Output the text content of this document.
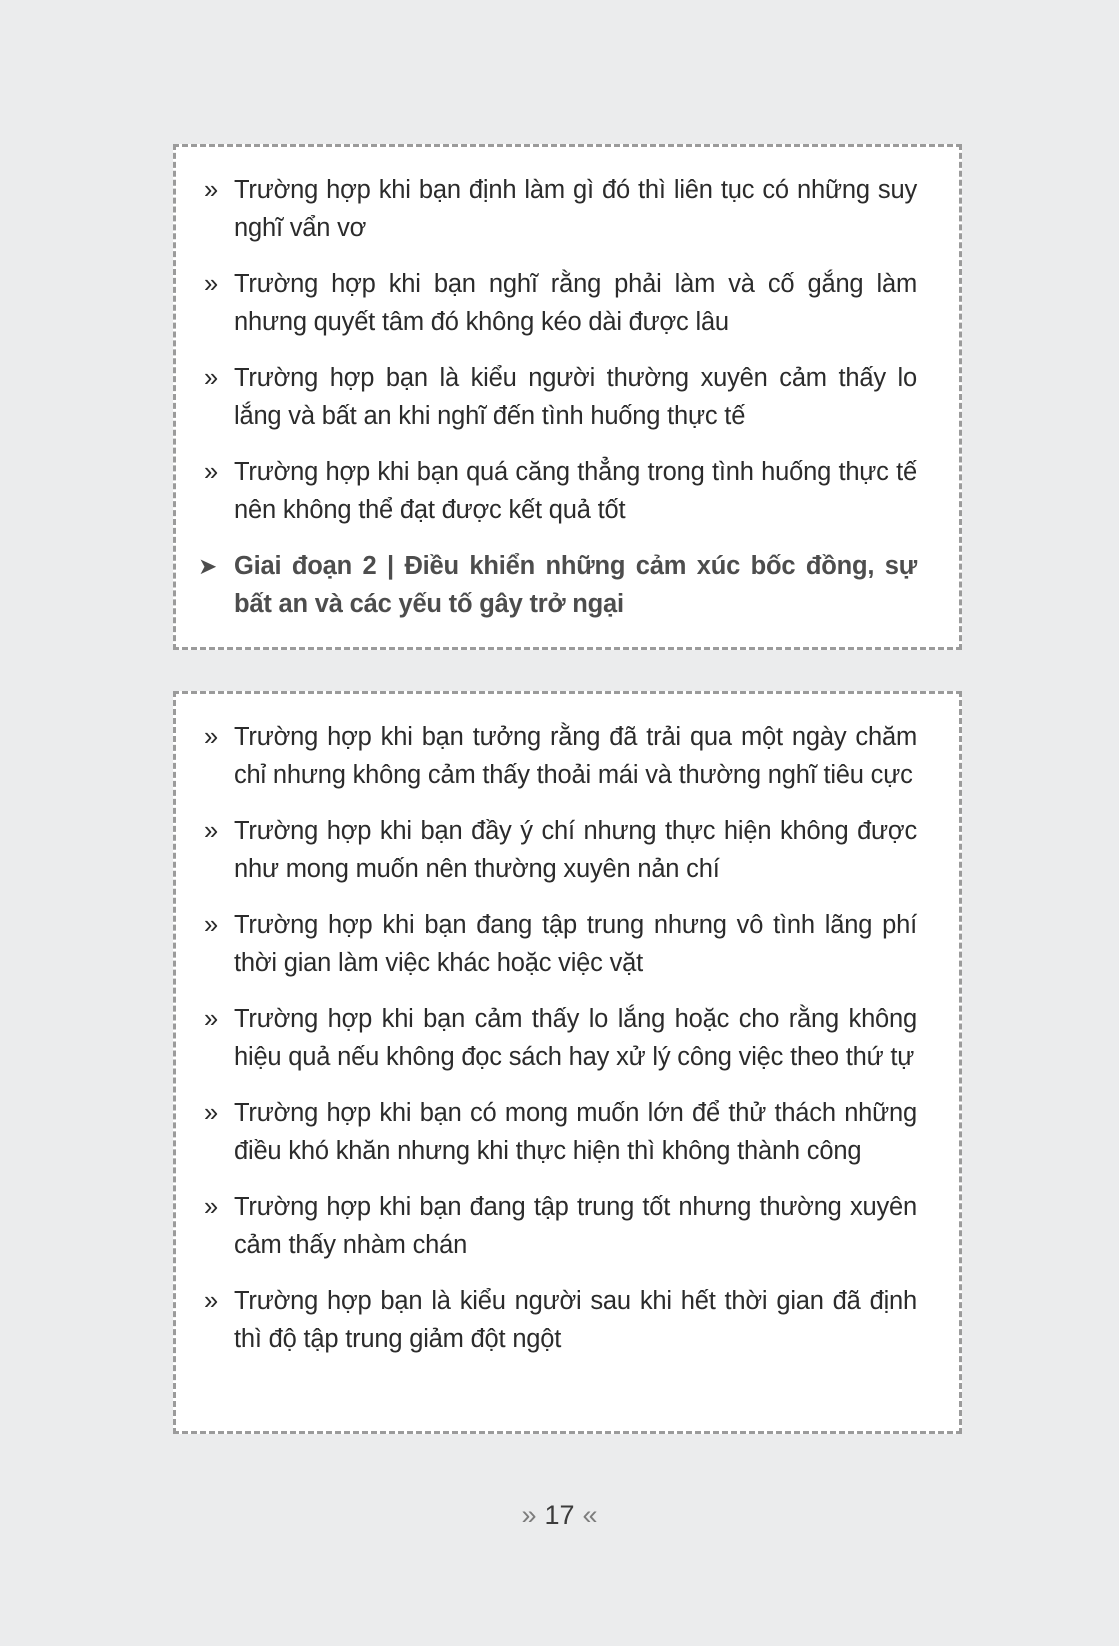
» Trường hợp khi bạn định làm gì đó thì liên tục có những suy nghĩ vẩn vơ

» Trường hợp khi bạn nghĩ rằng phải làm và cố gắng làm nhưng quyết tâm đó không kéo dài được lâu

» Trường hợp bạn là kiểu người thường xuyên cảm thấy lo lắng và bất an khi nghĩ đến tình huống thực tế

» Trường hợp khi bạn quá căng thẳng trong tình huống thực tế nên không thể đạt được kết quả tốt

➤ Giai đoạn 2 | Điều khiển những cảm xúc bốc đồng, sự bất an và các yếu tố gây trở ngại

» Trường hợp khi bạn tưởng rằng đã trải qua một ngày chăm chỉ nhưng không cảm thấy thoải mái và thường nghĩ tiêu cực

» Trường hợp khi bạn đầy ý chí nhưng thực hiện không được như mong muốn nên thường xuyên nản chí

» Trường hợp khi bạn đang tập trung nhưng vô tình lãng phí thời gian làm việc khác hoặc việc vặt

» Trường hợp khi bạn cảm thấy lo lắng hoặc cho rằng không hiệu quả nếu không đọc sách hay xử lý công việc theo thứ tự

» Trường hợp khi bạn có mong muốn lớn để thử thách những điều khó khăn nhưng khi thực hiện thì không thành công

» Trường hợp khi bạn đang tập trung tốt nhưng thường xuyên cảm thấy nhàm chán

» Trường hợp bạn là kiểu người sau khi hết thời gian đã định thì độ tập trung giảm đột ngột

» 17 «
